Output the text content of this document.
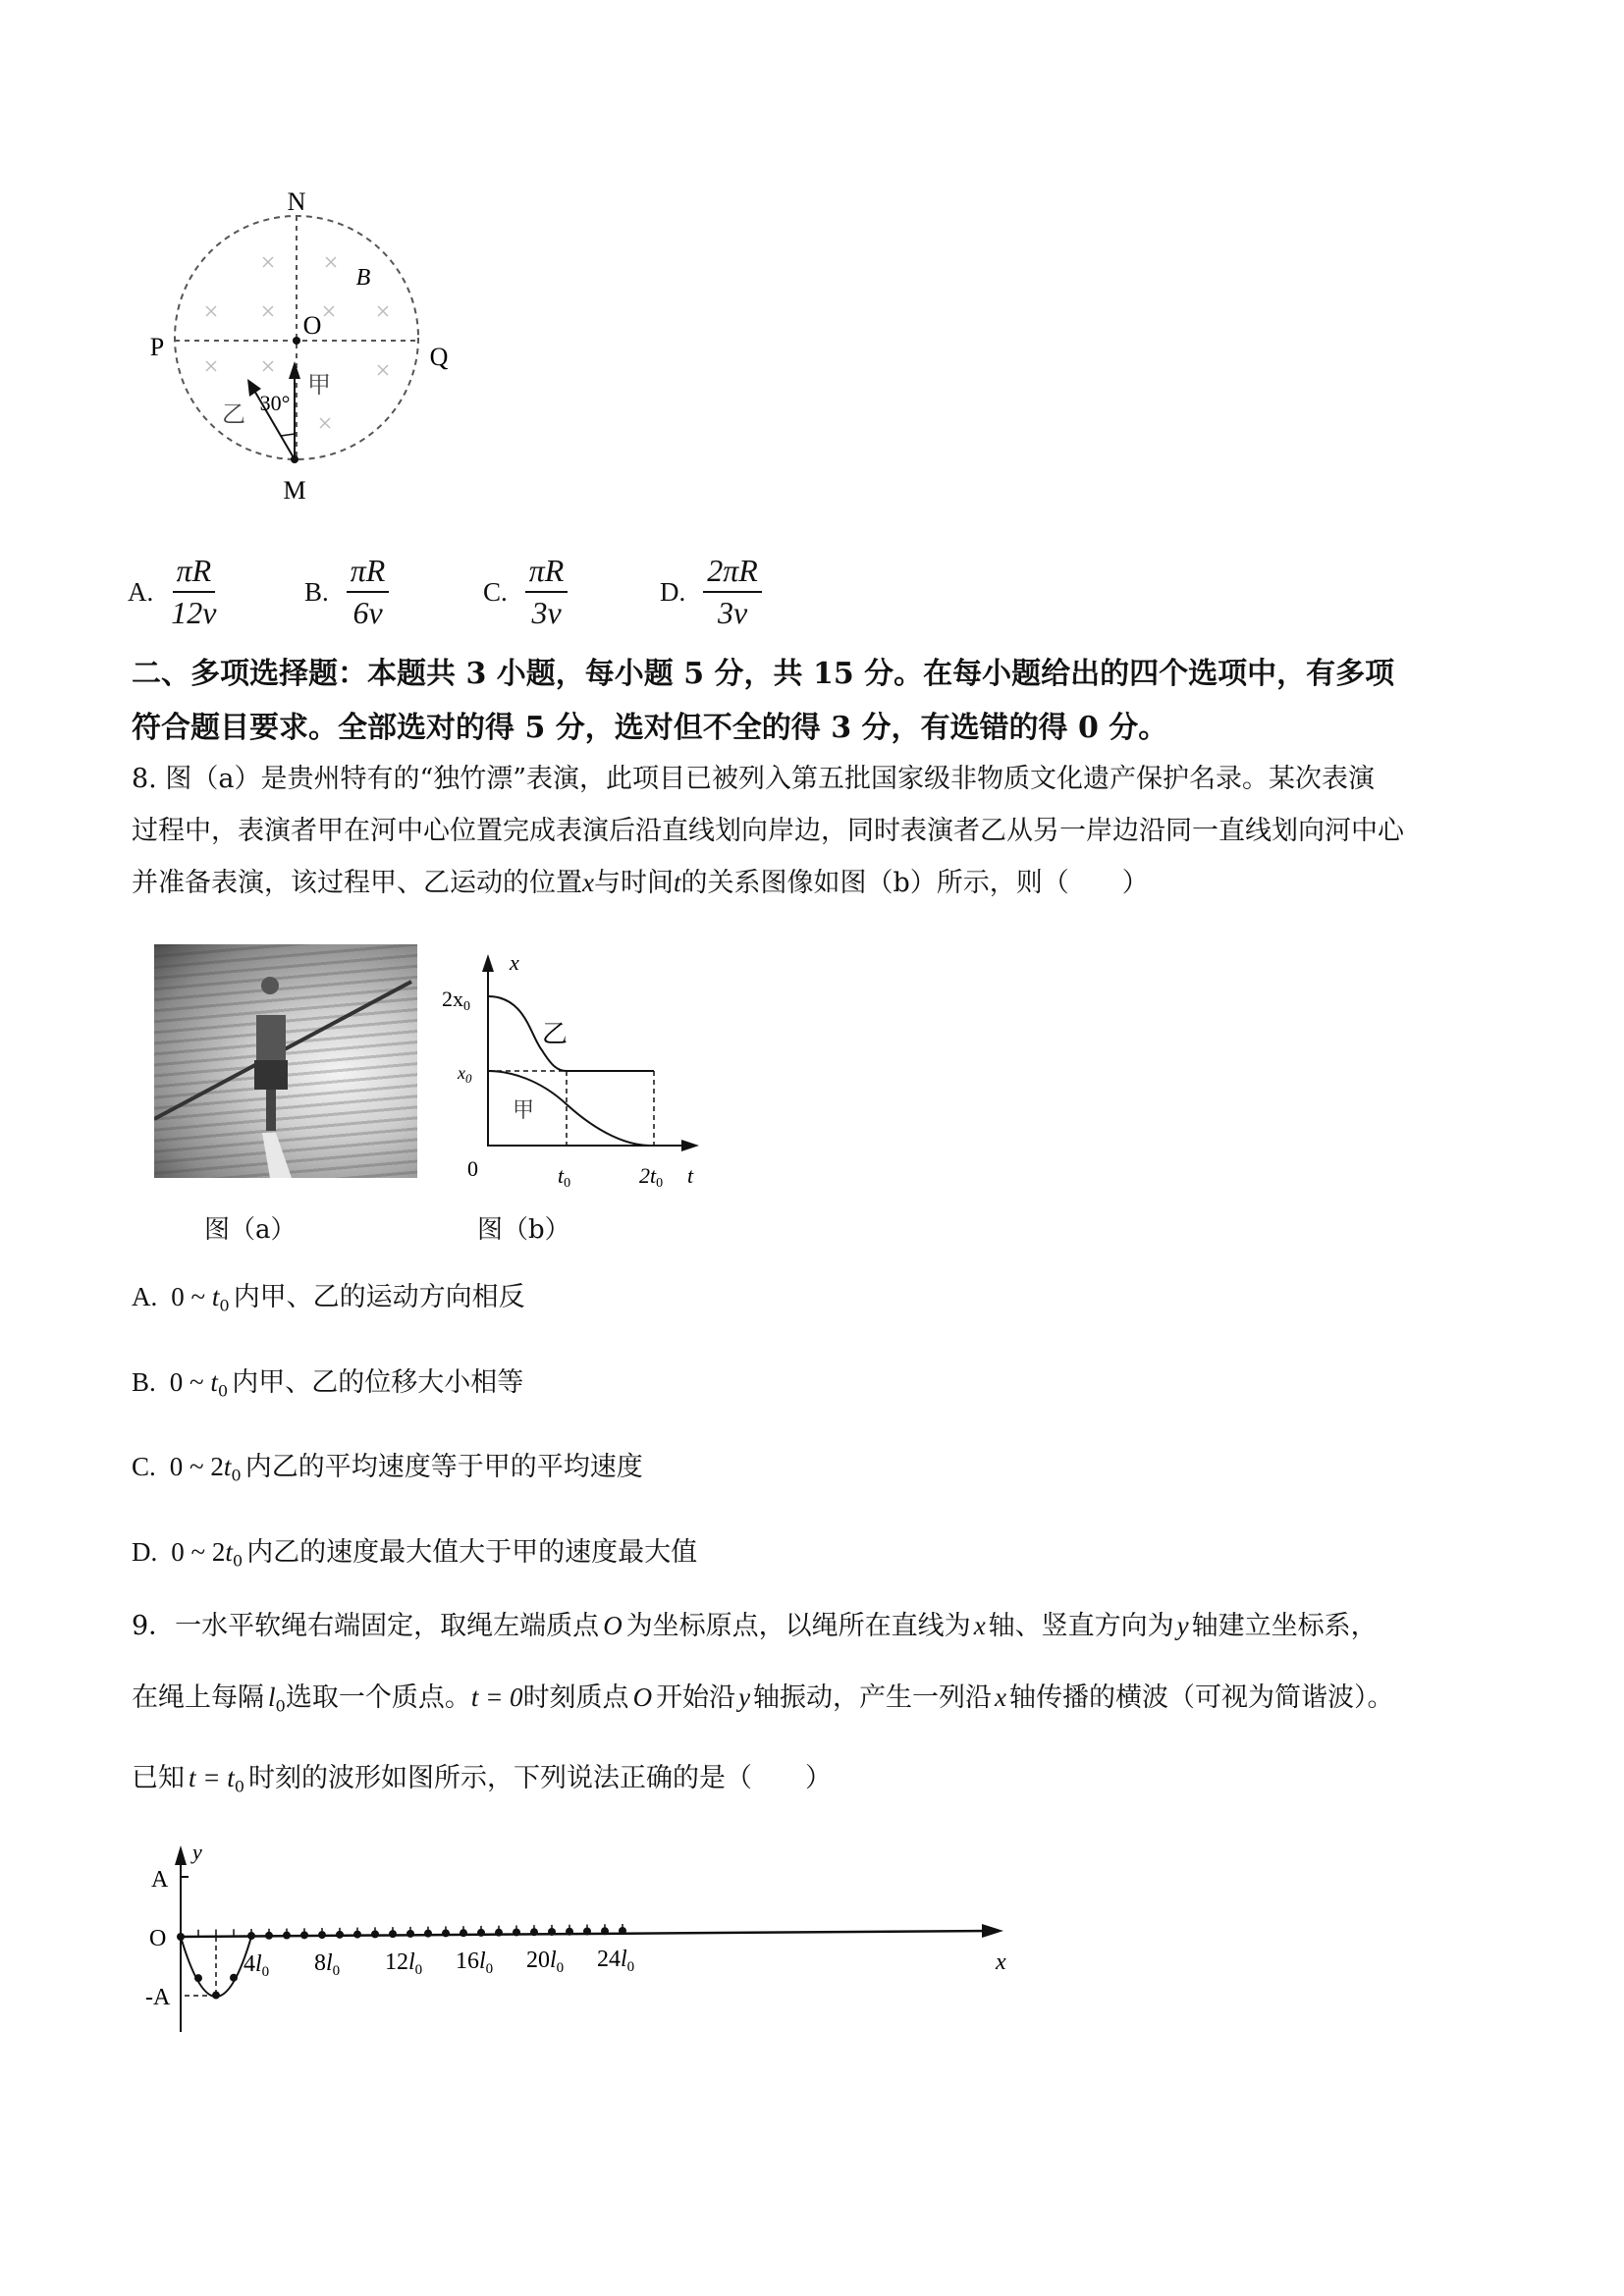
N
M
P	Q
O
B
甲
乙 30°
A. $\frac{\pi R}{12v}$	B. $\frac{\pi R}{6v}$	C. $\frac{\pi R}{3v}$	D. $\frac{2\pi R}{3v}$
二、多项选择题：本题共 3 小题，每小题 5 分，共 15 分。在每小题给出的四个选项中，有多项
符合题目要求。全部选对的得 5 分，选对但不全的得 3 分，有选错的得 0 分。
8. 图（a）是贵州特有的“独竹漂”表演，此项目已被列入第五批国家级非物质文化遗产保护名录。某次表演
过程中，表演者甲在河中心位置完成表演后沿直线划向岸边，同时表演者乙从另一岸边沿同一直线划向河中心
并准备表演，该过程甲、乙运动的位置x与时间t的关系图像如图（b）所示，则（　　）
x
2x0
$x_0$
0	t0	2t0 t
乙
甲
图（a）	图（b）
A. 0 ~ $t_0$ 内甲、乙的运动方向相反
B. 0 ~ $t_0$ 内甲、乙的位移大小相等
C. 0 ~ $2t_0$ 内乙的平均速度等于甲的平均速度
D. 0 ~ $2t_0$ 内乙的速度最大值大于甲的速度最大值
9．一水平软绳右端固定，取绳左端质点 O 为坐标原点，以绳所在直线为 x 轴、竖直方向为 y 轴建立坐标系，
在绳上每隔 $l_0$选取一个质点。t = 0时刻质点 O 开始沿 y 轴振动，产生一列沿 x 轴传播的横波（可视为简谐波）。
已知 $t = t_0$ 时刻的波形如图所示，下列说法正确的是（　　）
O
A
-A
y
x
$4l_0$ $8l_0$ $12l_0$ $16l_0$ $20l_0$ $24l_0$
